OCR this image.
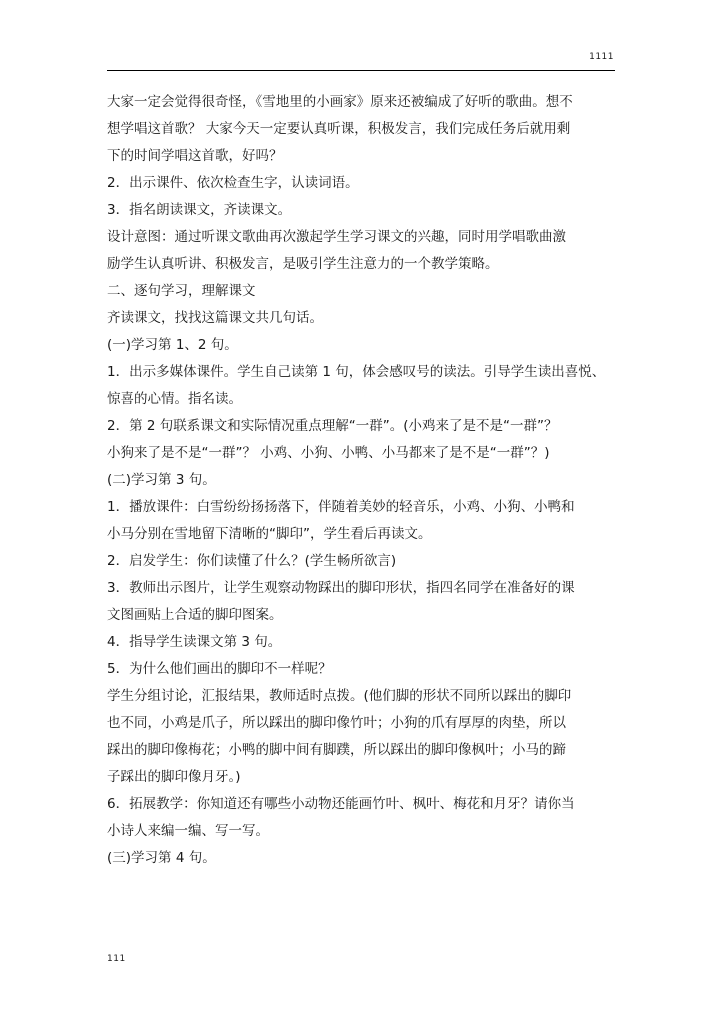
1111

大家一定会觉得很奇怪，《雪地里的小画家》原来还被编成了好听的歌曲。想不

想学唱这首歌？ 大家今天一定要认真听课，积极发言，我们完成任务后就用剩

下的时间学唱这首歌，好吗？

2．出示课件、依次检查生字，认读词语。

3．指名朗读课文，齐读课文。

设计意图：通过听课文歌曲再次激起学生学习课文的兴趣，同时用学唱歌曲激

励学生认真听讲、积极发言，是吸引学生注意力的一个教学策略。

二、逐句学习，理解课文

齐读课文，找找这篇课文共几句话。

(一)学习第 1、2 句。

1．出示多媒体课件。学生自己读第 1 句，体会感叹号的读法。引导学生读出喜悦、

惊喜的心情。指名读。

2．第 2 句联系课文和实际情况重点理解“一群”。(小鸡来了是不是“一群”？

小狗来了是不是“一群”？ 小鸡、小狗、小鸭、小马都来了是不是“一群”？)

(二)学习第 3 句。

1．播放课件：白雪纷纷扬扬落下，伴随着美妙的轻音乐，小鸡、小狗、小鸭和

小马分别在雪地留下清晰的“脚印”，学生看后再读文。

2．启发学生：你们读懂了什么？(学生畅所欲言)

3．教师出示图片，让学生观察动物踩出的脚印形状，指四名同学在准备好的课

文图画贴上合适的脚印图案。

4．指导学生读课文第 3 句。

5．为什么他们画出的脚印不一样呢？

学生分组讨论，汇报结果，教师适时点拨。(他们脚的形状不同所以踩出的脚印

也不同，小鸡是爪子，所以踩出的脚印像竹叶；小狗的爪有厚厚的肉垫，所以

踩出的脚印像梅花；小鸭的脚中间有脚蹼，所以踩出的脚印像枫叶；小马的蹄

子踩出的脚印像月牙。)

6．拓展教学：你知道还有哪些小动物还能画竹叶、枫叶、梅花和月牙？请你当

小诗人来编一编、写一写。

(三)学习第 4 句。

111
